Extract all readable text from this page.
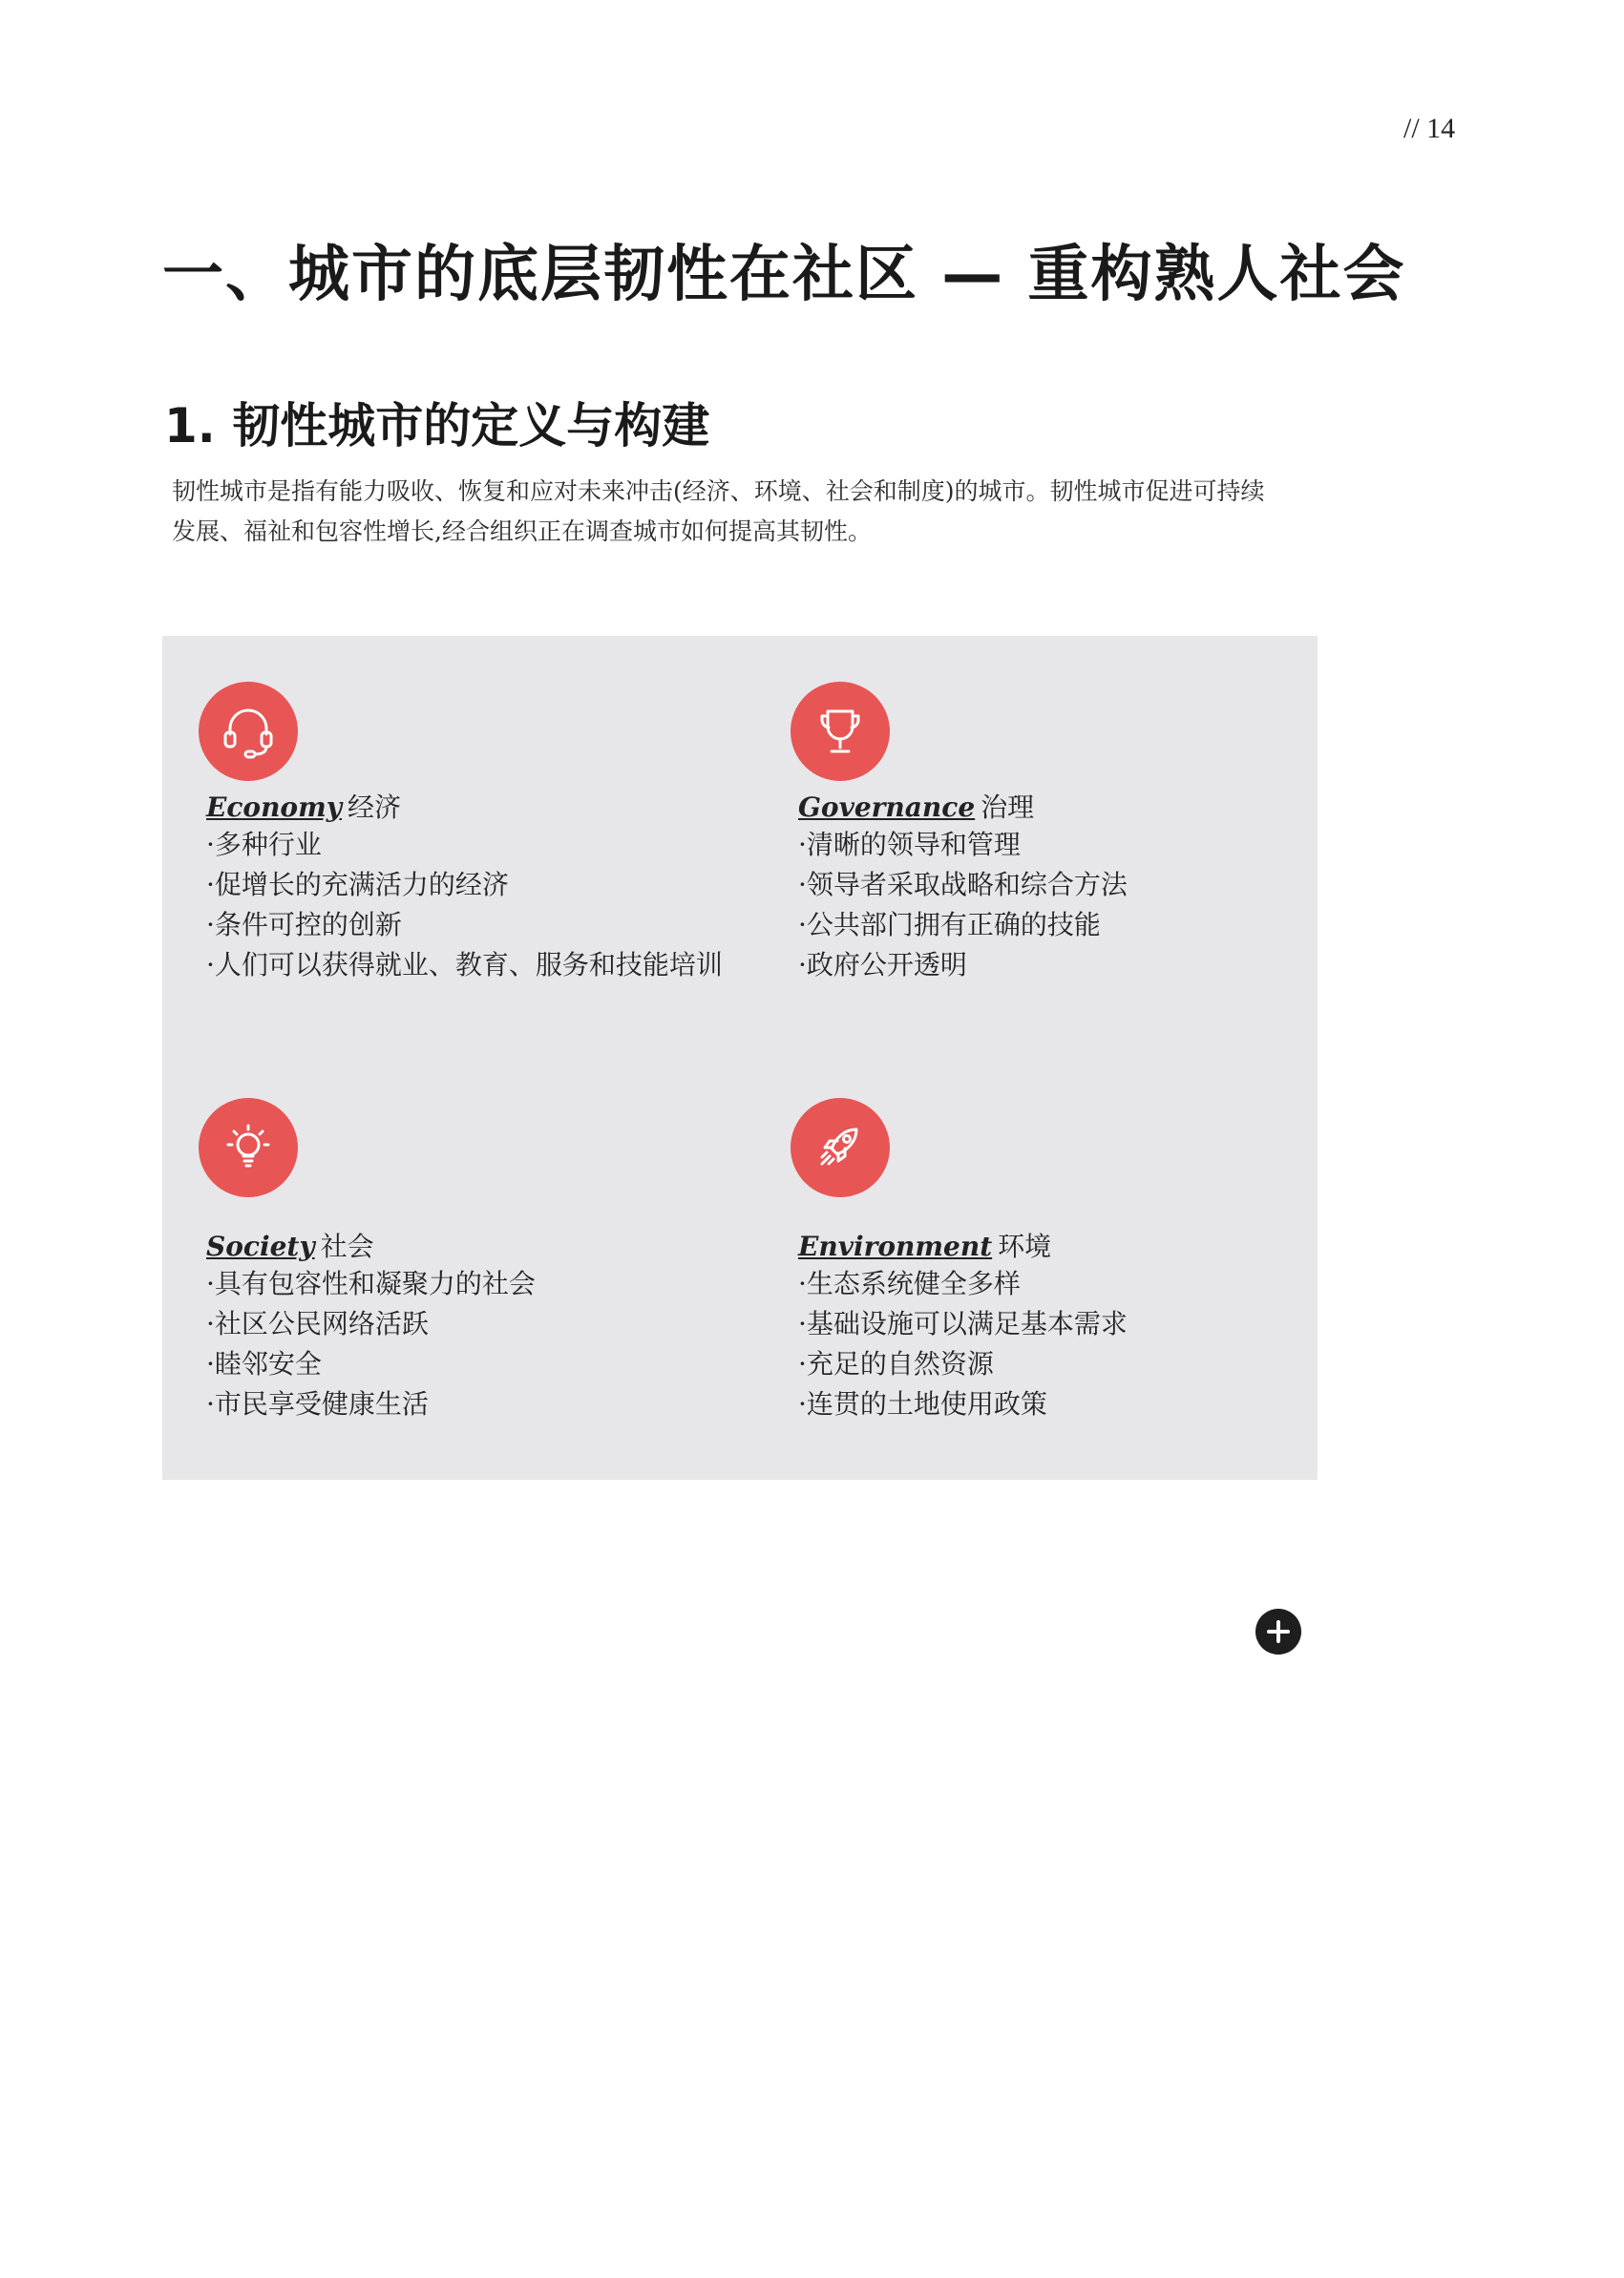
// 14
一、城市的底层韧性在社区 — 重构熟人社会
1. 韧性城市的定义与构建

韧性城市是指有能力吸收、恢复和应对未来冲击(经济、环境、社会和制度)的城市。韧性城市促进可持续
发展、福祉和包容性增长,经合组织正在调查城市如何提高其韧性。

Economy 经济
· 多种行业
· 促增长的充满活力的经济
· 条件可控的创新
· 人们可以获得就业、教育、服务和技能培训
Governance 治理
· 清晰的领导和管理
· 领导者采取战略和综合方法
· 公共部门拥有正确的技能
· 政府公开透明
Society 社会
· 具有包容性和凝聚力的社会
· 社区公民网络活跃
· 睦邻安全
· 市民享受健康生活
Environment 环境
· 生态系统健全多样
· 基础设施可以满足基本需求
· 充足的自然资源
· 连贯的土地使用政策
